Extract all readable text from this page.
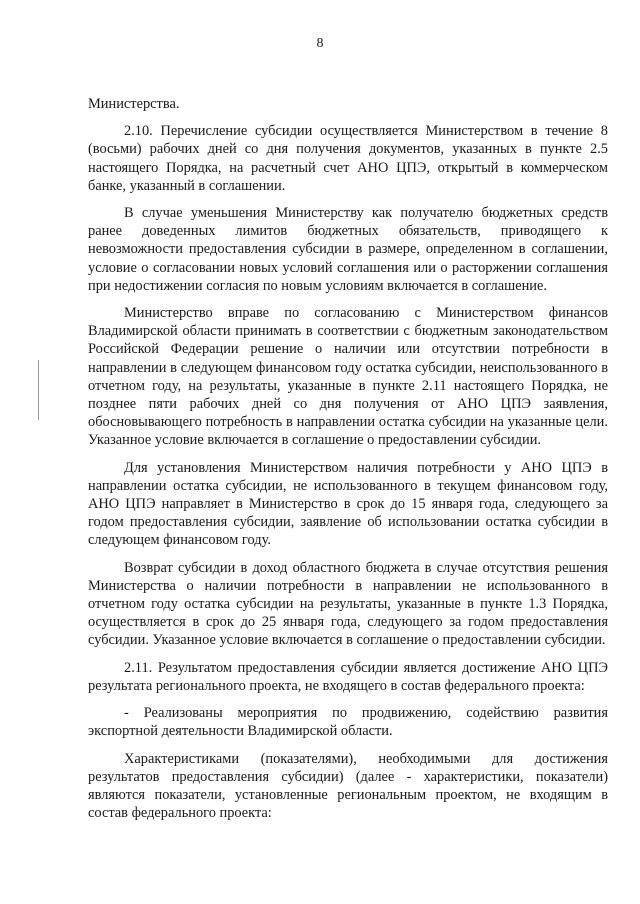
8

Министерства.

2.10. Перечисление субсидии осуществляется Министерством в течение 8 (восьми) рабочих дней со дня получения документов, указанных в пункте 2.5 настоящего Порядка, на расчетный счет АНО ЦПЭ, открытый в коммерческом банке, указанный в соглашении.

В случае уменьшения Министерству как получателю бюджетных средств ранее доведенных лимитов бюджетных обязательств, приводящего к невозможности предоставления субсидии в размере, определенном в соглашении, условие о согласовании новых условий соглашения или о расторжении соглашения при недостижении согласия по новым условиям включается в соглашение.

Министерство вправе по согласованию с Министерством финансов Владимирской области принимать в соответствии с бюджетным законодательством Российской Федерации решение о наличии или отсутствии потребности в направлении в следующем финансовом году остатка субсидии, неиспользованного в отчетном году, на результаты, указанные в пункте 2.11 настоящего Порядка, не позднее пяти рабочих дней со дня получения от АНО ЦПЭ заявления, обосновывающего потребность в направлении остатка субсидии на указанные цели. Указанное условие включается в соглашение о предоставлении субсидии.

Для установления Министерством наличия потребности у АНО ЦПЭ в направлении остатка субсидии, не использованного в текущем финансовом году, АНО ЦПЭ направляет в Министерство в срок до 15 января года, следующего за годом предоставления субсидии, заявление об использовании остатка субсидии в следующем финансовом году.

Возврат субсидии в доход областного бюджета в случае отсутствия решения Министерства о наличии потребности в направлении не использованного в отчетном году остатка субсидии на результаты, указанные в пункте 1.3 Порядка, осуществляется в срок до 25 января года, следующего за годом предоставления субсидии. Указанное условие включается в соглашение о предоставлении субсидии.

2.11. Результатом предоставления субсидии является достижение АНО ЦПЭ результата регионального проекта, не входящего в состав федерального проекта:

- Реализованы мероприятия по продвижению, содействию развития экспортной деятельности Владимирской области.

Характеристиками (показателями), необходимыми для достижения результатов предоставления субсидии) (далее - характеристики, показатели) являются показатели, установленные региональным проектом, не входящим в состав федерального проекта:
